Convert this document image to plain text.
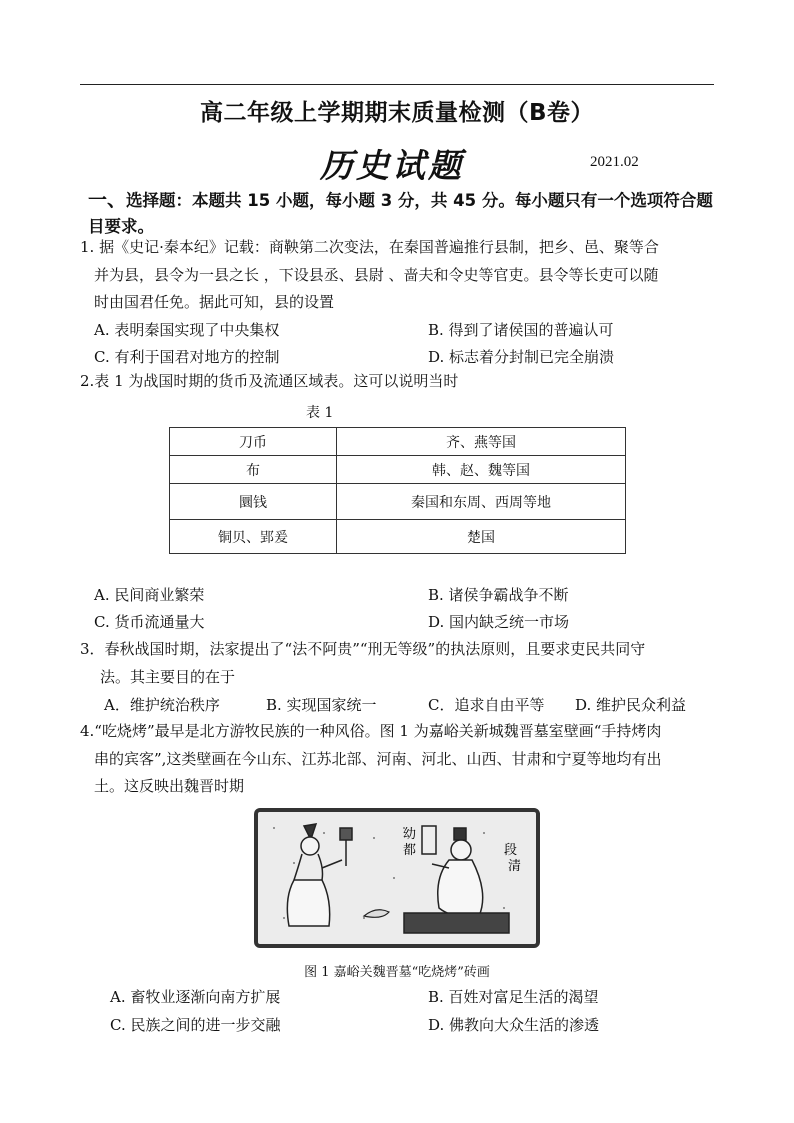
高二年级上学期期末质量检测（B卷）
历史试题	2021.02
一、选择题：本题共 15 小题，每小题 3 分，共 45 分。每小题只有一个选项符合题目要求。
1. 据《史记·秦本纪》记载：商鞅第二次变法，在秦国普遍推行县制，把乡、邑、聚等合
并为县，县令为一县之长 ，下设县丞、县尉 、啬夫和令史等官吏。县令等长吏可以随
时由国君任免。据此可知，县的设置
A. 表明秦国实现了中央集权	B. 得到了诸侯国的普遍认可
C. 有利于国君对地方的控制	D. 标志着分封制已完全崩溃
2.表 1 为战国时期的货币及流通区域表。这可以说明当时
表 1
刀币	齐、燕等国
布	韩、赵、魏等国
圜钱	秦国和东周、西周等地
铜贝、郢爰	楚国
A. 民间商业繁荣	B. 诸侯争霸战争不断
C. 货币流通量大	D. 国内缺乏统一市场
3．春秋战国时期，法家提出了“法不阿贵”“刑无等级”的执法原则，且要求吏民共同守
法。其主要目的在于
A．维护统治秩序	B. 实现国家统一	C．追求自由平等 D. 维护民众利益
4.“吃烧烤”最早是北方游牧民族的一种风俗。图 1 为嘉峪关新城魏晋墓室壁画“手持烤肉
串的宾客”,这类壁画在今山东、江苏北部、河南、河北、山西、甘肃和宁夏等地均有出
土。这反映出魏晋时期
幼
都	段
清
图 1 嘉峪关魏晋墓“吃烧烤”砖画
A. 畜牧业逐渐向南方扩展	B. 百姓对富足生活的渴望
C. 民族之间的进一步交融	D. 佛教向大众生活的渗透
